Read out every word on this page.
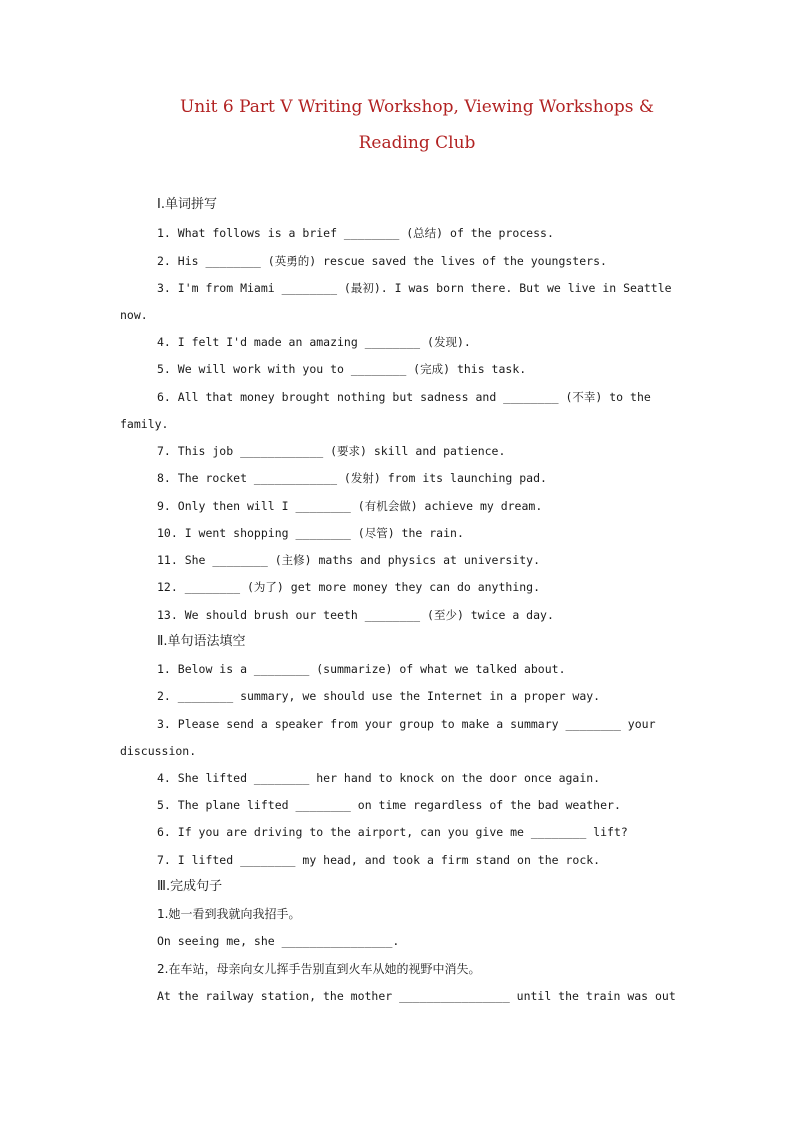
Unit 6 Part V Writing Workshop, Viewing Workshops &
Reading Club
Ⅰ.单词拼写

1. What follows is a brief ________ (总结) of the process.

2. His ________ (英勇的) rescue saved the lives of the youngsters.

3. I'm from Miami ________ (最初). I was born there. But we live in Seattle

now.

4. I felt I'd made an amazing ________ (发现).

5. We will work with you to ________ (完成) this task.

6. All that money brought nothing but sadness and ________ (不幸) to the

family.

7. This job ____________ (要求) skill and patience.

8. The rocket ____________ (发射) from its launching pad.

9. Only then will I ________ (有机会做) achieve my dream.

10. I went shopping ________ (尽管) the rain.

11. She ________ (主修) maths and physics at university.

12. ________ (为了) get more money they can do anything.

13. We should brush our teeth ________ (至少) twice a day.

Ⅱ.单句语法填空

1. Below is a ________ (summarize) of what we talked about.

2. ________ summary, we should use the Internet in a proper way.

3. Please send a speaker from your group to make a summary ________ your

discussion.

4. She lifted ________ her hand to knock on the door once again.

5. The plane lifted ________ on time regardless of the bad weather.

6. If you are driving to the airport, can you give me ________ lift?

7. I lifted ________ my head, and took a firm stand on the rock.

Ⅲ.完成句子

1.她一看到我就向我招手。

On seeing me, she ________________.

2.在车站，母亲向女儿挥手告别直到火车从她的视野中消失。

At the railway station, the mother ________________ until the train was out
